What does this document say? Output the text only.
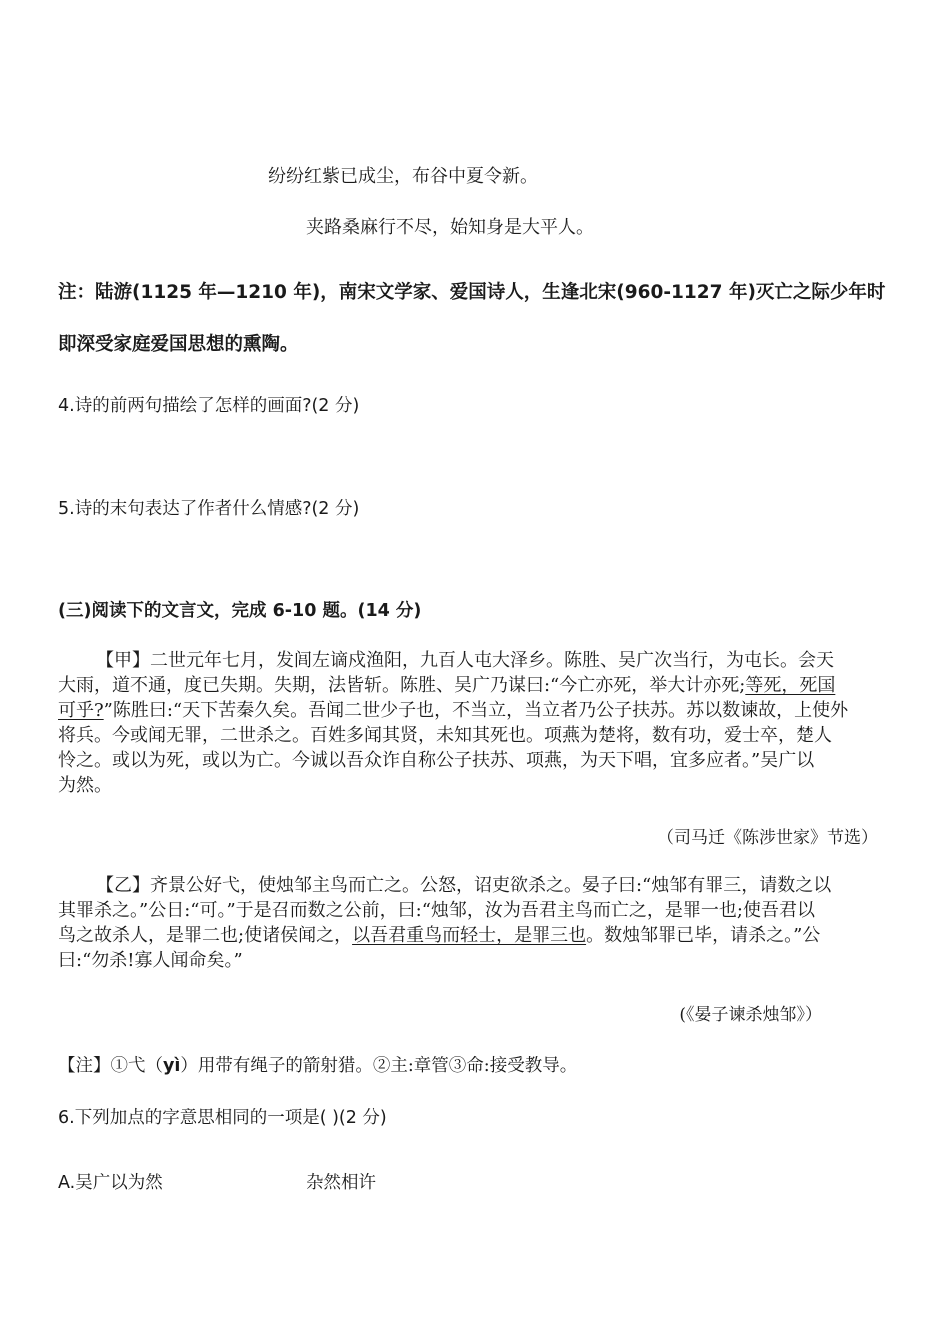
纷纷红紫已成尘，布谷中夏令新。
夹路桑麻行不尽，始知身是大平人。
注：陆游(1125 年—1210 年)，南宋文学家、爱国诗人，生逢北宋(960-1127 年)灭亡之际少年时
即深受家庭爱国思想的熏陶。
4.诗的前两句描绘了怎样的画面?(2 分)
5.诗的末句表达了作者什么情感?(2 分)
(三)阅读下的文言文，完成 6-10 题。(14 分)
【甲】二世元年七月，发闾左谪戍渔阳，九百人屯大泽乡。陈胜、吴广次当行，为屯长。会天
大雨，道不通，度已失期。失期，法皆斩。陈胜、吴广乃谋曰:“今亡亦死，举大计亦死;等死，死国
可乎?”陈胜曰:“天下苦秦久矣。吾闻二世少子也，不当立，当立者乃公子扶苏。苏以数谏故，上使外
将兵。今或闻无罪，二世杀之。百姓多闻其贤，未知其死也。项燕为楚将，数有功，爱士卒，楚人
怜之。或以为死，或以为亡。今诚以吾众诈自称公子扶苏、项燕，为天下唱，宜多应者。”吴广以
为然。
（司马迁《陈涉世家》节选）
【乙】齐景公好弋，使烛邹主鸟而亡之。公怒，诏吏欲杀之。晏子曰:“烛邹有罪三，请数之以
其罪杀之。”公日:“可。”于是召而数之公前，曰:“烛邹，汝为吾君主鸟而亡之，是罪一也;使吾君以
鸟之故杀人，是罪二也;使诸侯闻之，以吾君重鸟而轻士，是罪三也。数烛邹罪已毕，请杀之。”公
曰:“勿杀!寡人闻命矣。”
(《晏子谏杀烛邹》）
【注】①弋（yì）用带有绳子的箭射猎。②主:章管③命:接受教导。
6.下列加点的字意思相同的一项是( )(2 分)
A.吴广以为然	杂然相许
